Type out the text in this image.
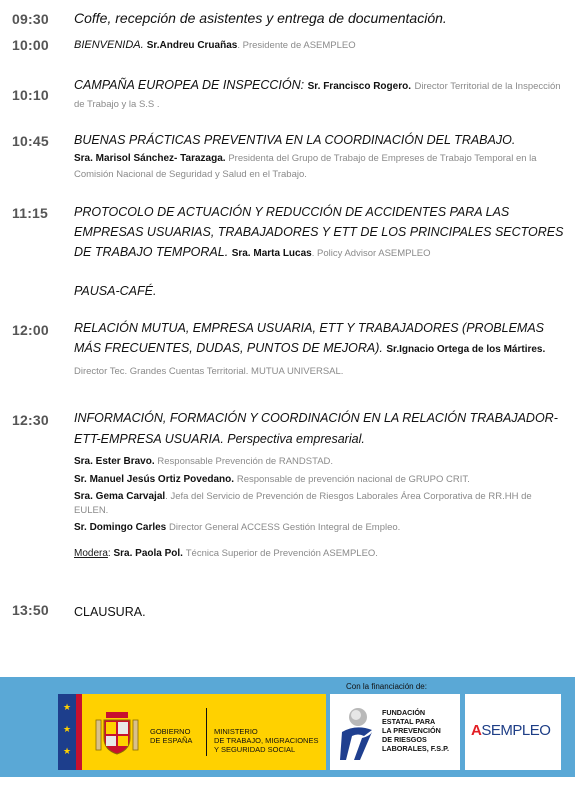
09:30 Coffe, recepción de asistentes y entrega de documentación.
10:00 BIENVENIDA. Sr.Andreu Cruañas. Presidente de ASEMPLEO
10:10
CAMPAÑA EUROPEA DE INSPECCIÓN: Sr. Francisco Rogero. Director Territorial de la Inspección de Trabajo y la S.S .
10:45 BUENAS PRÁCTICAS PREVENTIVA EN LA COORDINACIÓN DEL TRABAJO.
Sra. Marisol Sánchez- Tarazaga. Presidenta del Grupo de Trabajo de Empreses de Trabajo Temporal en la Comisión Nacional de Seguridad y Salud en el Trabajo.
11:15 PROTOCOLO DE ACTUACIÓN Y REDUCCIÓN DE ACCIDENTES PARA LAS EMPRESAS USUARIAS, TRABAJADORES Y ETT DE LOS PRINCIPALES SECTORES DE TRABAJO TEMPORAL. Sra. Marta Lucas. Policy Advisor ASEMPLEO
PAUSA-CAFÉ.
12:00 RELACIÓN MUTUA, EMPRESA USUARIA, ETT Y TRABAJADORES (PROBLEMAS MÁS FRECUENTES, DUDAS, PUNTOS DE MEJORA). Sr.Ignacio Ortega de los Mártires. Director Tec. Grandes Cuentas Territorial. MUTUA UNIVERSAL.
12:30 INFORMACIÓN, FORMACIÓN Y COORDINACIÓN EN LA RELACIÓN TRABAJADOR-ETT-EMPRESA USUARIA. Perspectiva empresarial.
Sra. Ester Bravo. Responsable Prevención de RANDSTAD.
Sr. Manuel Jesús Ortiz Povedano. Responsable de prevención nacional de GRUPO CRIT.
Sra. Gema Carvajal. Jefa del Servicio de Prevención de Riesgos Laborales Área Corporativa de RR.HH de EULEN.
Sr. Domingo Carles Director General ACCESS Gestión Integral de Empleo.
Modera: Sra. Paola Pol. Técnica Superior de Prevención ASEMPLEO.
13:50 CLAUSURA.
Con la financiación de:
★
★
★
GOBIERNO
DE ESPAÑA
MINISTERIO
DE TRABAJO, MIGRACIONES
Y SEGURIDAD SOCIAL
FUNDACIÓN
ESTATAL PARA
LA PREVENCIÓN
DE RIESGOS
LABORALES, F.S.P.
ASEMPLEO
